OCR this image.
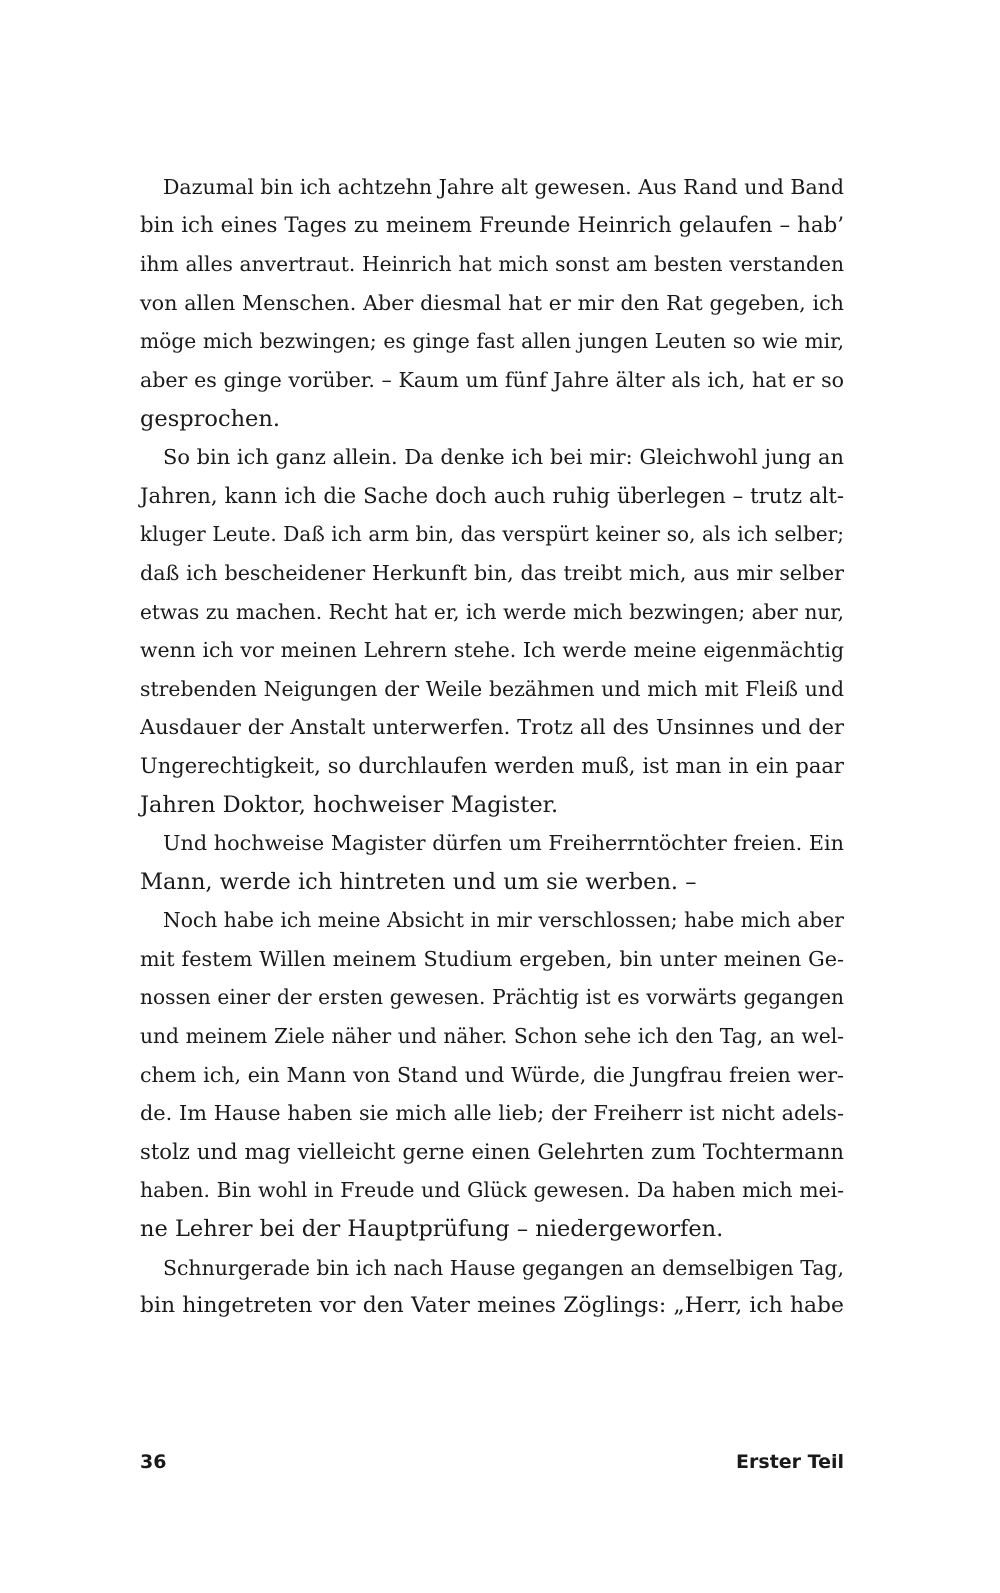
Dazumal bin ich achtzehn Jahre alt gewesen. Aus Rand und Band
bin ich eines Tages zu meinem Freunde Heinrich gelaufen – hab’
ihm alles anvertraut. Heinrich hat mich sonst am besten verstanden
von allen Menschen. Aber diesmal hat er mir den Rat gegeben, ich
möge mich bezwingen; es ginge fast allen jungen Leuten so wie mir,
aber es ginge vorüber. – Kaum um fünf Jahre älter als ich, hat er so
gesprochen.
So bin ich ganz allein. Da denke ich bei mir: Gleichwohl jung an
Jahren, kann ich die Sache doch auch ruhig überlegen – trutz alt-
kluger Leute. Daß ich arm bin, das verspürt keiner so, als ich selber;
daß ich bescheidener Herkunft bin, das treibt mich, aus mir selber
etwas zu machen. Recht hat er, ich werde mich bezwingen; aber nur,
wenn ich vor meinen Lehrern stehe. Ich werde meine eigenmächtig
strebenden Neigungen der Weile bezähmen und mich mit Fleiß und
Ausdauer der Anstalt unterwerfen. Trotz all des Unsinnes und der
Ungerechtigkeit, so durchlaufen werden muß, ist man in ein paar
Jahren Doktor, hochweiser Magister.
Und hochweise Magister dürfen um Freiherrntöchter freien. Ein
Mann, werde ich hintreten und um sie werben. –
Noch habe ich meine Absicht in mir verschlossen; habe mich aber
mit festem Willen meinem Studium ergeben, bin unter meinen Ge-
nossen einer der ersten gewesen. Prächtig ist es vorwärts gegangen
und meinem Ziele näher und näher. Schon sehe ich den Tag, an wel-
chem ich, ein Mann von Stand und Würde, die Jungfrau freien wer-
de. Im Hause haben sie mich alle lieb; der Freiherr ist nicht adels-
stolz und mag vielleicht gerne einen Gelehrten zum Tochtermann
haben. Bin wohl in Freude und Glück gewesen. Da haben mich mei-
ne Lehrer bei der Hauptprüfung – niedergeworfen.
Schnurgerade bin ich nach Hause gegangen an demselbigen Tag,
bin hingetreten vor den Vater meines Zöglings: „Herr, ich habe
36	Erster Teil
